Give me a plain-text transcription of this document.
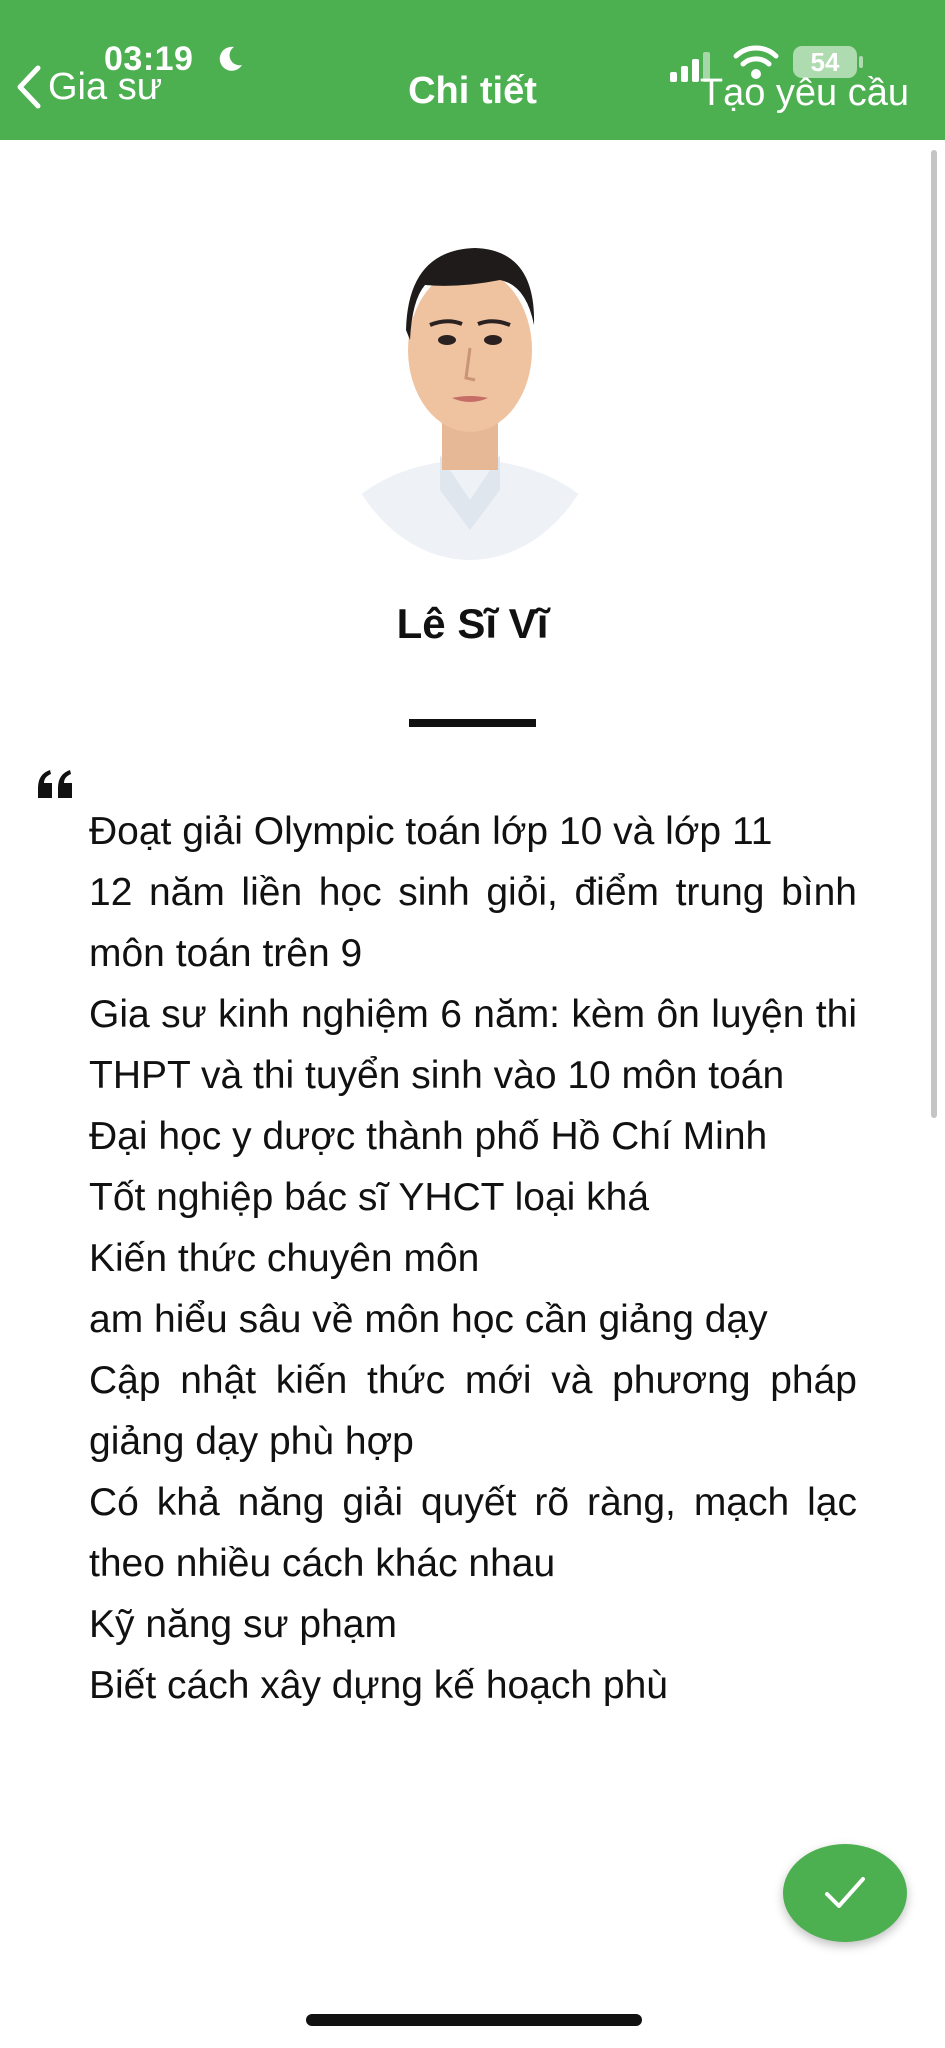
03:19
Gia sư	Chi tiết
54
Tạo yêu cầu
Lê Sĩ Vĩ

Đoạt giải Olympic toán lớp 10 và lớp 11

12 năm liền học sinh giỏi, điểm trung bình môn toán trên 9

Gia sư kinh nghiệm 6 năm: kèm ôn luyện thi THPT và thi tuyển sinh vào 10 môn toán

Đại học y dược thành phố Hồ Chí Minh

Tốt nghiệp bác sĩ YHCT loại khá

Kiến thức chuyên môn

am hiểu sâu về môn học cần giảng dạy

Cập nhật kiến thức mới và phương pháp giảng dạy phù hợp

Có khả năng giải quyết rõ ràng, mạch lạc theo nhiều cách khác nhau

Kỹ năng sư phạm

Biết cách xây dựng kế hoạch phù
